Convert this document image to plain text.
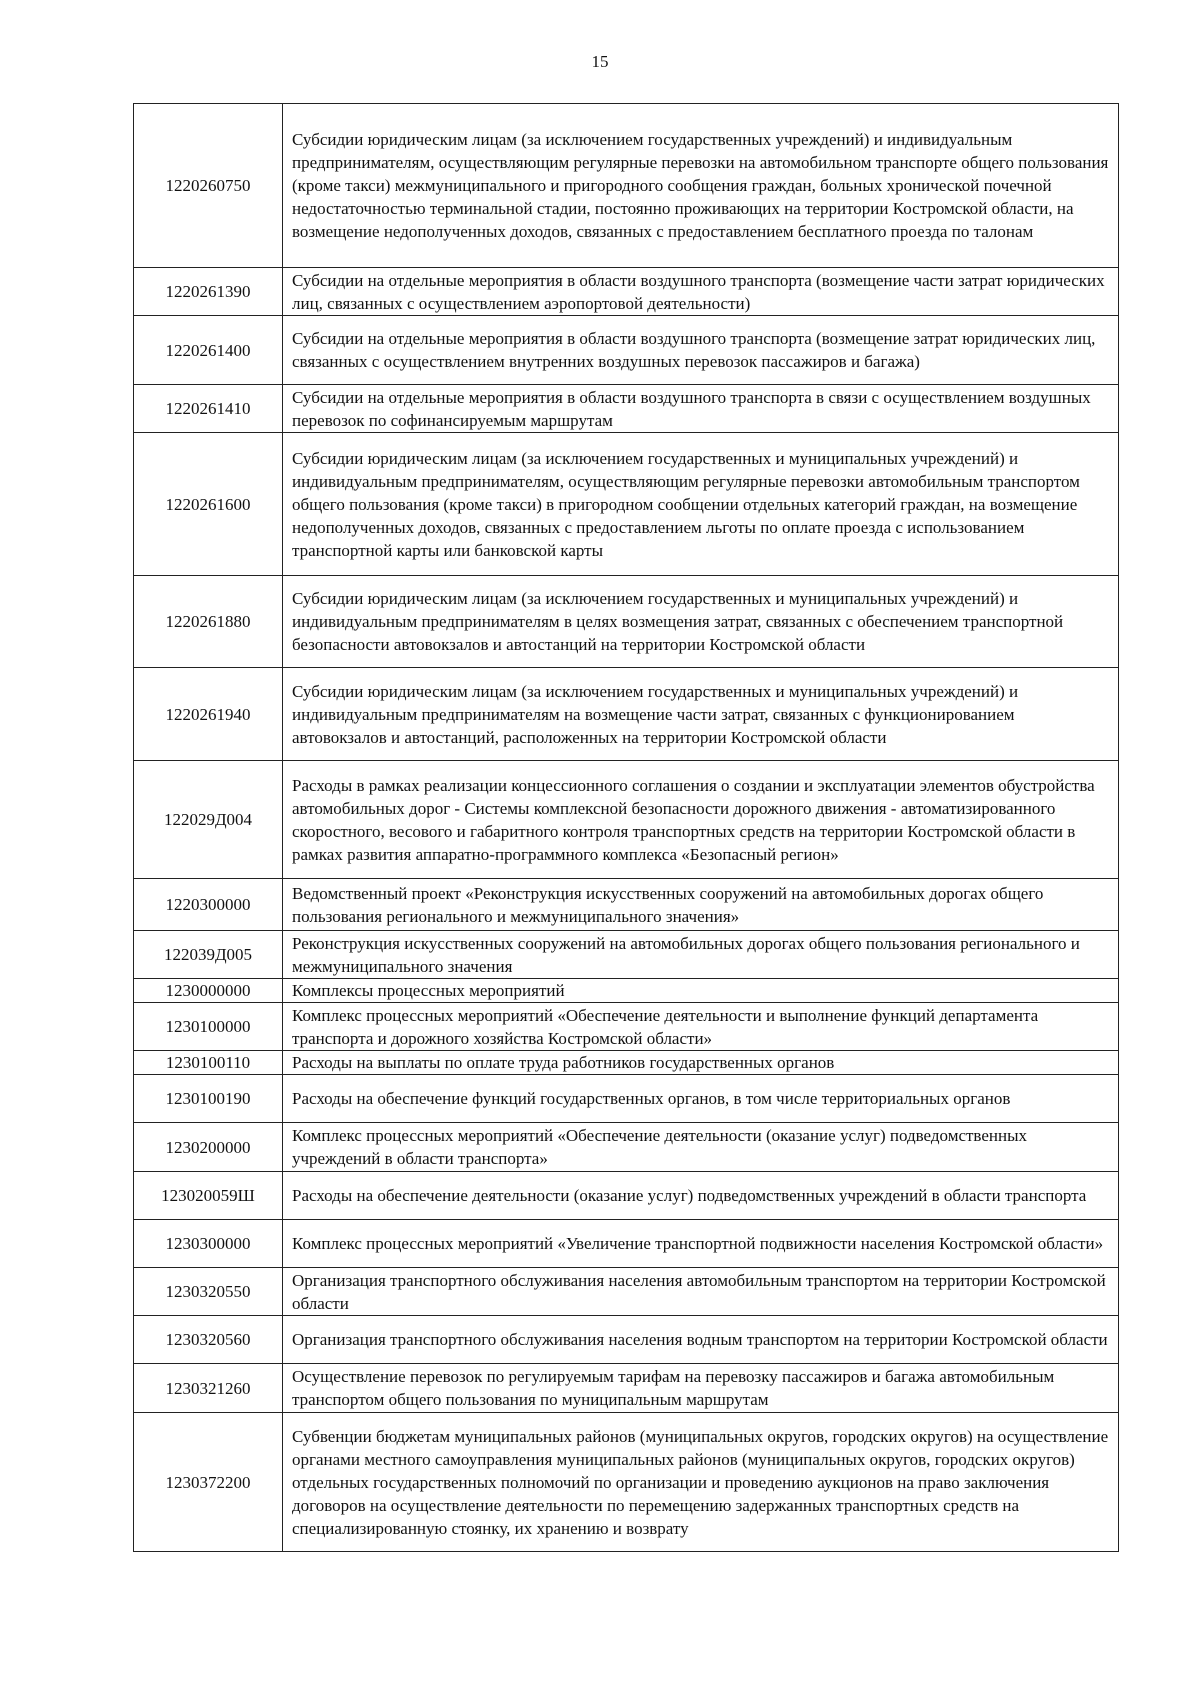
15
1220260750	Субсидии юридическим лицам (за исключением государственных учреждений) и индивидуальным предпринимателям, осуществляющим регулярные перевозки на автомобильном транспорте общего пользования (кроме такси) межмуниципального и пригородного сообщения граждан, больных хронической почечной недостаточностью терминальной стадии, постоянно проживающих на территории Костромской области, на возмещение недополученных доходов, связанных с предоставлением бесплатного проезда по талонам
1220261390	Субсидии на отдельные мероприятия в области воздушного транспорта (возмещение части затрат юридических лиц, связанных с осуществлением аэропортовой деятельности)
1220261400	Субсидии на отдельные мероприятия в области воздушного транспорта (возмещение затрат юридических лиц, связанных с осуществлением внутренних воздушных перевозок пассажиров и багажа)
1220261410	Субсидии на отдельные мероприятия в области воздушного транспорта в связи с осуществлением воздушных перевозок по софинансируемым маршрутам
1220261600	Субсидии юридическим лицам (за исключением государственных и муниципальных учреждений) и индивидуальным предпринимателям, осуществляющим регулярные перевозки автомобильным транспортом общего пользования (кроме такси) в пригородном сообщении отдельных категорий граждан, на возмещение недополученных доходов, связанных с предоставлением льготы по оплате проезда с использованием транспортной карты или банковской карты
1220261880	Субсидии юридическим лицам (за исключением государственных и муниципальных учреждений) и индивидуальным предпринимателям в целях возмещения затрат, связанных с обеспечением транспортной безопасности автовокзалов и автостанций на территории Костромской области
1220261940	Субсидии юридическим лицам (за исключением государственных и муниципальных учреждений) и индивидуальным предпринимателям на возмещение части затрат, связанных с функционированием автовокзалов и автостанций, расположенных на территории Костромской области
122029Д004	Расходы в рамках реализации концессионного соглашения о создании и эксплуатации элементов обустройства автомобильных дорог - Системы комплексной безопасности дорожного движения - автоматизированного скоростного, весового и габаритного контроля транспортных средств на территории Костромской области в рамках развития аппаратно-программного комплекса «Безопасный регион»
1220300000	Ведомственный проект «Реконструкция искусственных сооружений на автомобильных дорогах общего пользования регионального и межмуниципального значения»
122039Д005	Реконструкция искусственных сооружений на автомобильных дорогах общего пользования регионального и межмуниципального значения
1230000000	Комплексы процессных мероприятий
1230100000	Комплекс процессных мероприятий «Обеспечение деятельности и выполнение функций департамента транспорта и дорожного хозяйства Костромской области»
1230100110	Расходы на выплаты по оплате труда работников государственных органов
1230100190	Расходы на обеспечение функций государственных органов, в том числе территориальных органов
1230200000	Комплекс процессных мероприятий «Обеспечение деятельности (оказание услуг) подведомственных учреждений в области транспорта»
123020059Ш	Расходы на обеспечение деятельности (оказание услуг) подведомственных учреждений в области транспорта
1230300000	Комплекс процессных мероприятий «Увеличение транспортной подвижности населения Костромской области»
1230320550	Организация транспортного обслуживания населения автомобильным транспортом на территории Костромской области
1230320560	Организация транспортного обслуживания населения водным транспортом на территории Костромской области
1230321260	Осуществление перевозок по регулируемым тарифам на перевозку пассажиров и багажа автомобильным транспортом общего пользования по муниципальным маршрутам
1230372200	Субвенции бюджетам муниципальных районов (муниципальных округов, городских округов) на осуществление органами местного самоуправления муниципальных районов (муниципальных округов, городских округов) отдельных государственных полномочий по организации и проведению аукционов на право заключения договоров на осуществление деятельности по перемещению задержанных транспортных средств на специализированную стоянку, их хранению и возврату
